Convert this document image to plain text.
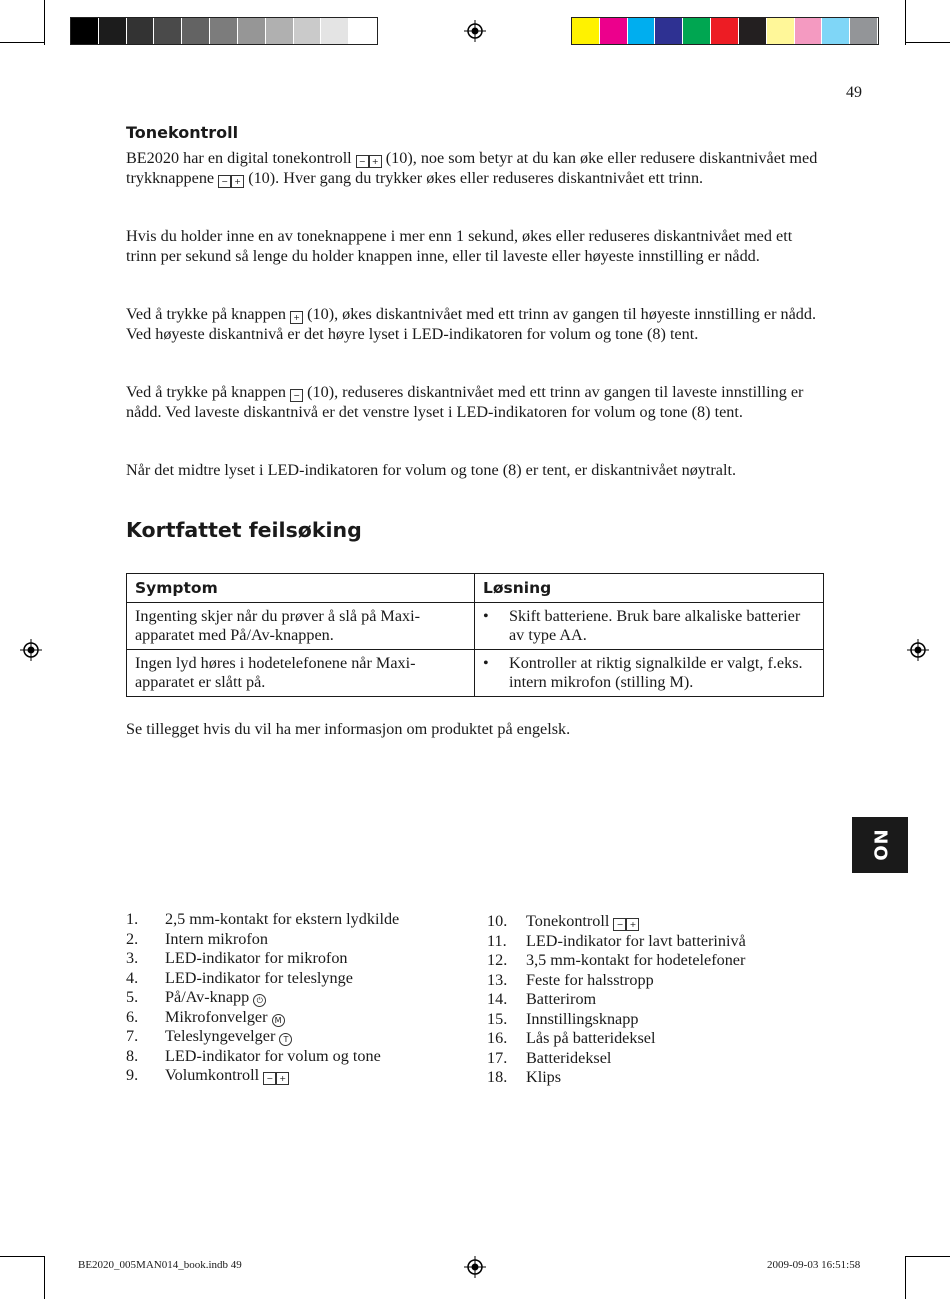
49
Tonekontroll

BE2020 har en digital tonekontroll − + (10), noe som betyr at du kan øke eller redusere diskantnivået med trykknappene − + (10). Hver gang du trykker økes eller reduseres diskantnivået ett trinn.

Hvis du holder inne en av toneknappene i mer enn 1 sekund, økes eller reduseres diskantnivået med ett trinn per sekund så lenge du holder knappen inne, eller til laveste eller høyeste innstilling er nådd.

Ved å trykke på knappen + (10), økes diskantnivået med ett trinn av gangen til høyeste innstilling er nådd. Ved høyeste diskantnivå er det høyre lyset i LED-indikatoren for volum og tone (8) tent.

Ved å trykke på knappen − (10), reduseres diskantnivået med ett trinn av gangen til laveste innstilling er nådd. Ved laveste diskantnivå er det venstre lyset i LED-indikatoren for volum og tone (8) tent.

Når det midtre lyset i LED-indikatoren for volum og tone (8) er tent, er diskantnivået nøytralt.

Kortfattet feilsøking
Symptom	Løsning
Ingenting skjer når du prøver å slå på Maxiapparatet med På/Av-knappen.	• Skift batteriene. Bruk bare alkaliske batterier av type AA.

Ingen lyd høres i hodetelefonene når Maxiapparatet er slått på.	• Kontroller at riktig signalkilde er valgt, f.eks. intern mikrofon (stilling M).
Se tillegget hvis du vil ha mer informasjon om produktet på engelsk.
NO
1.	2,5 mm-kontakt for ekstern lydkilde
2.	Intern mikrofon
3.	LED-indikator for mikrofon
4.	LED-indikator for teleslynge
5.	På/Av-knapp ⏻
6.	Mikrofonvelger M
7.	Teleslyngevelger T
8.	LED-indikator for volum og tone
9.	Volumkontroll − +
10.	Tonekontroll − +
11.	LED-indikator for lavt batterinivå
12.	3,5 mm-kontakt for hodetelefoner
13.	Feste for halsstropp
14.	Batterirom
15.	Innstillingsknapp
16.	Lås på batterideksel
17.	Batterideksel
18.	Klips
BE2020_005MAN014_book.indb 49	2009-09-03 16:51:58
